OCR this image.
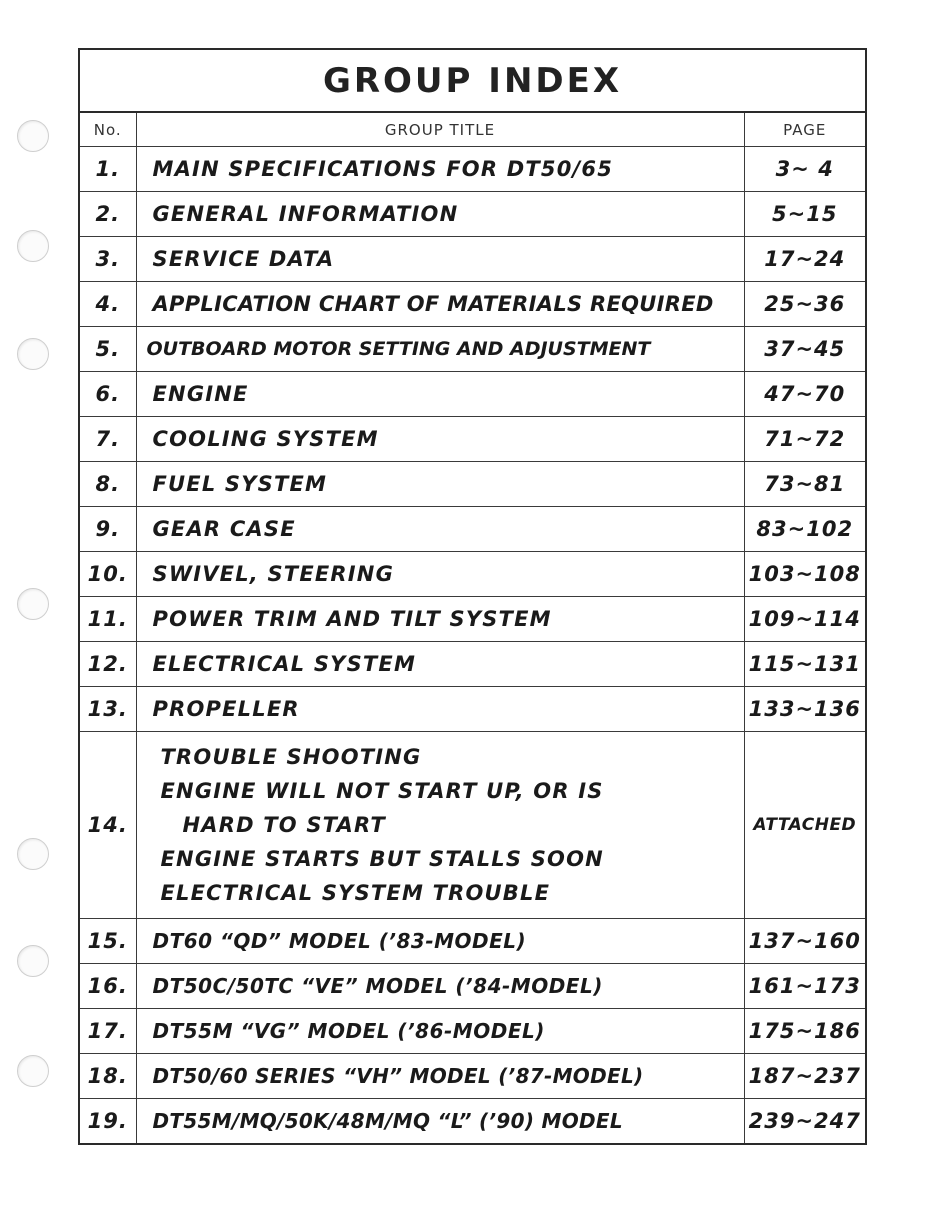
GROUP INDEX
No.	GROUP TITLE	PAGE
1.	MAIN SPECIFICATIONS FOR DT50/65	3~ 4
2.	GENERAL INFORMATION	5~15
3.	SERVICE DATA	17~24
4.	APPLICATION CHART OF MATERIALS REQUIRED	25~36
5.	OUTBOARD MOTOR SETTING AND ADJUSTMENT	37~45
6.	ENGINE	47~70
7.	COOLING SYSTEM	71~72
8.	FUEL SYSTEM	73~81
9.	GEAR CASE	83~102
10.	SWIVEL, STEERING	103~108
11.	POWER TRIM AND TILT SYSTEM	109~114
12.	ELECTRICAL SYSTEM	115~131
13.	PROPELLER	133~136
14.	TROUBLE SHOOTING
ENGINE WILL NOT START UP, OR IS
HARD TO START
ENGINE STARTS BUT STALLS SOON
ELECTRICAL SYSTEM TROUBLE	ATTACHED
15.	DT60 “QD” MODEL (’83-MODEL)	137~160
16.	DT50C/50TC “VE” MODEL (’84-MODEL)	161~173
17.	DT55M “VG” MODEL (’86-MODEL)	175~186
18.	DT50/60 SERIES “VH” MODEL (’87-MODEL)	187~237
19.	DT55M/MQ/50K/48M/MQ “L” (’90) MODEL	239~247
